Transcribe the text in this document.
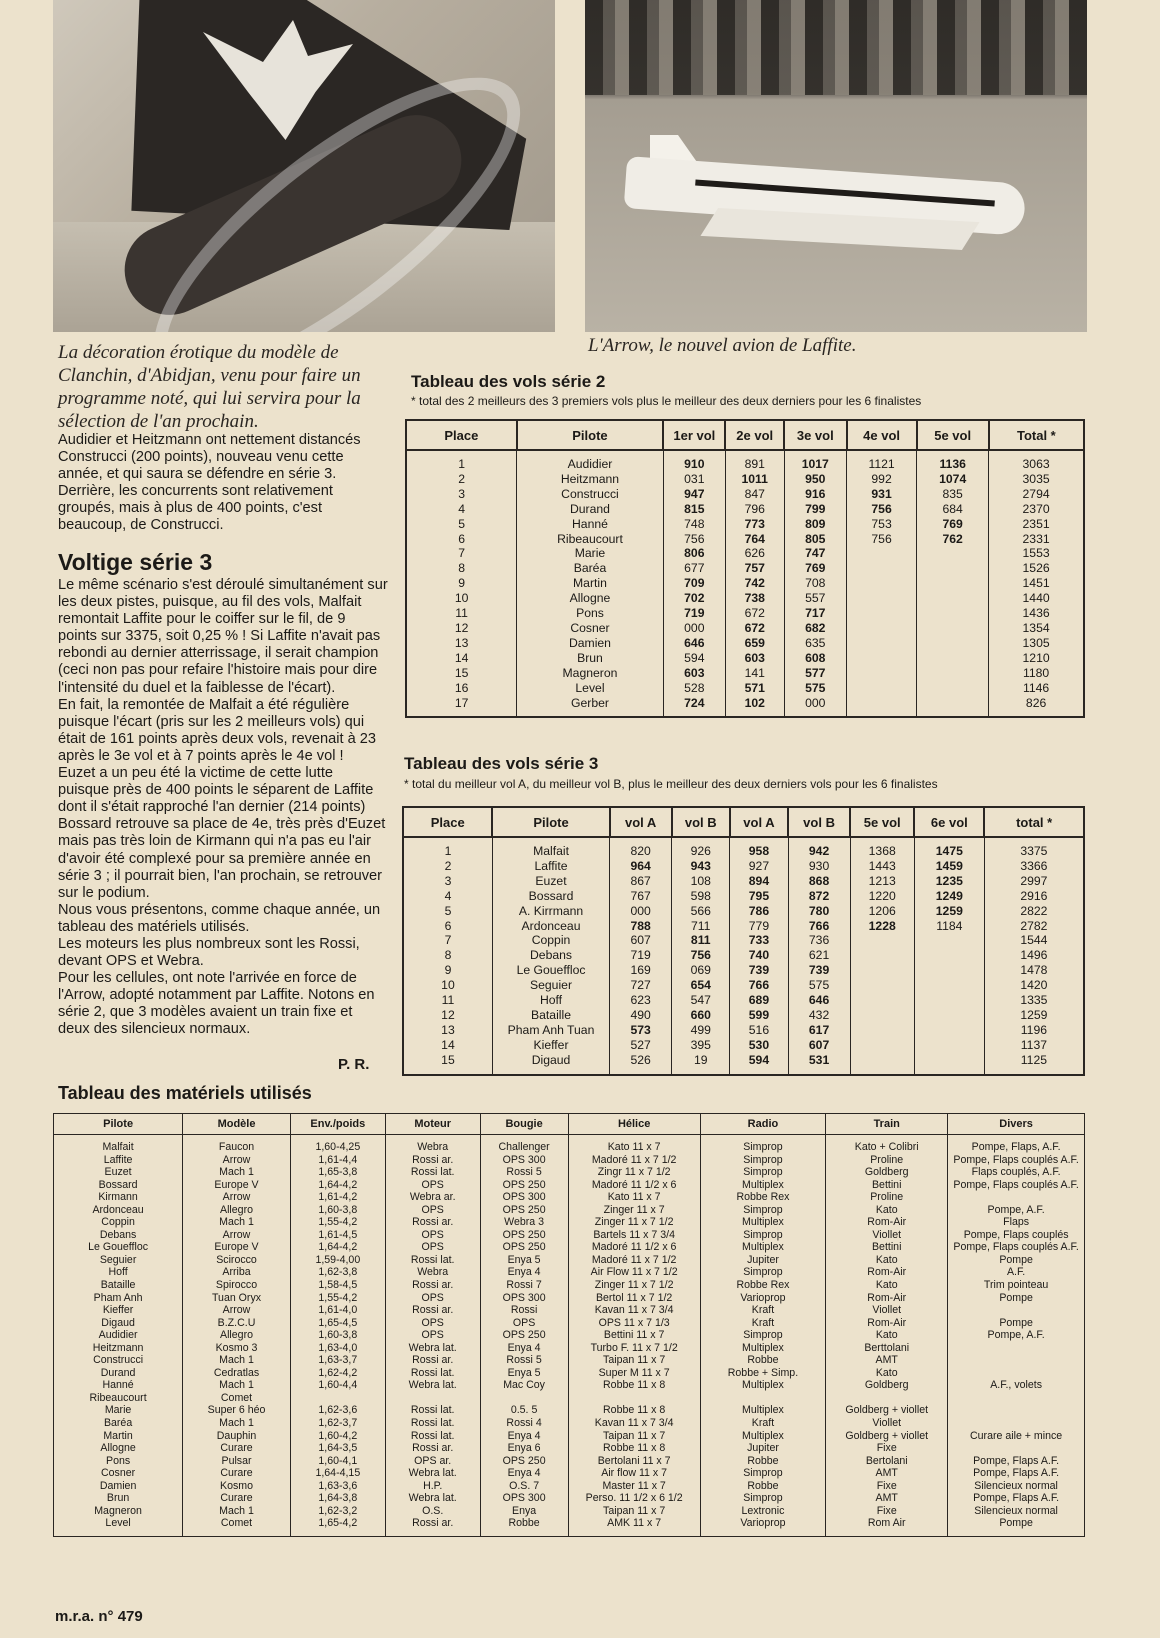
La décoration érotique du modèle de Clanchin, d'Abidjan, venu pour faire un programme noté, qui lui servira pour la sélection de l'an prochain.
L'Arrow, le nouvel avion de Laffite.

Audidier et Heitzmann ont nettement distancés Construcci (200 points), nouveau venu cette année, et qui saura se défendre en série 3. Derrière, les concurrents sont relativement groupés, mais à plus de 400 points, c'est beaucoup, de Construcci.

Voltige série 3

Le même scénario s'est déroulé simultanément sur les deux pistes, puisque, au fil des vols, Malfait remontait Laffite pour le coiffer sur le fil, de 9 points sur 3375, soit 0,25 % ! Si Laffite n'avait pas rebondi au dernier atterrissage, il serait champion (ceci non pas pour refaire l'histoire mais pour dire l'intensité du duel et la faiblesse de l'écart).

En fait, la remontée de Malfait a été régulière puisque l'écart (pris sur les 2 meilleurs vols) qui était de 161 points après deux vols, revenait à 23 après le 3e vol et à 7 points après le 4e vol !

Euzet a un peu été la victime de cette lutte puisque près de 400 points le séparent de Laffite dont il s'était rapproché l'an dernier (214 points) Bossard retrouve sa place de 4e, très près d'Euzet mais pas très loin de Kirmann qui n'a pas eu l'air d'avoir été complexé pour sa première année en série 3 ; il pourrait bien, l'an prochain, se retrouver sur le podium.

Nous vous présentons, comme chaque année, un tableau des matériels utilisés.

Les moteurs les plus nombreux sont les Rossi, devant OPS et Webra.

Pour les cellules, ont note l'arrivée en force de l'Arrow, adopté notamment par Laffite. Notons en série 2, que 3 modèles avaient un train fixe et deux des silencieux normaux.

P. R.
Tableau des vols série 2
* total des 2 meilleurs des 3 premiers vols plus le meilleur des deux derniers pour les 6 finalistes
Place	Pilote	1er vol	2e vol	3e vol	4e vol	5e vol	Total *
1	Audidier	910	891	1017	1121	1136	3063
2	Heitzmann	031	1011	950	992	1074	3035
3	Construcci	947	847	916	931	835	2794
4	Durand	815	796	799	756	684	2370
5	Hanné	748	773	809	753	769	2351
6	Ribeaucourt	756	764	805	756	762	2331
7	Marie	806	626	747			1553
8	Baréa	677	757	769			1526
9	Martin	709	742	708			1451
10	Allogne	702	738	557			1440
11	Pons	719	672	717			1436
12	Cosner	000	672	682			1354
13	Damien	646	659	635			1305
14	Brun	594	603	608			1210
15	Magneron	603	141	577			1180
16	Level	528	571	575			1146
17	Gerber	724	102	000			826
Tableau des vols série 3
* total du meilleur vol A, du meilleur vol B, plus le meilleur des deux derniers vols pour les 6 finalistes
Place	Pilote	vol A	vol B	vol A	vol B	5e vol	6e vol	total *
1	Malfait	820	926	958	942	1368	1475	3375
2	Laffite	964	943	927	930	1443	1459	3366
3	Euzet	867	108	894	868	1213	1235	2997
4	Bossard	767	598	795	872	1220	1249	2916
5	A. Kirrmann	000	566	786	780	1206	1259	2822
6	Ardonceau	788	711	779	766	1228	1184	2782
7	Coppin	607	811	733	736			1544
8	Debans	719	756	740	621			1496
9	Le Goueffloc	169	069	739	739			1478
10	Seguier	727	654	766	575			1420
11	Hoff	623	547	689	646			1335
12	Bataille	490	660	599	432			1259
13	Pham Anh Tuan	573	499	516	617			1196
14	Kieffer	527	395	530	607			1137
15	Digaud	526	19	594	531			1125
Tableau des matériels utilisés
Pilote	Modèle	Env./poids	Moteur	Bougie	Hélice	Radio	Train	Divers
Malfait	Faucon	1,60-4,25	Webra	Challenger	Kato 11 x 7	Simprop	Kato + Colibri	Pompe, Flaps, A.F.
Laffite	Arrow	1,61-4,4	Rossi ar.	OPS 300	Madoré 11 x 7 1/2	Simprop	Proline	Pompe, Flaps couplés A.F.
Euzet	Mach 1	1,65-3,8	Rossi lat.	Rossi 5	Zingr 11 x 7 1/2	Simprop	Goldberg	Flaps couplés, A.F.
Bossard	Europe V	1,64-4,2	OPS	OPS 250	Madoré 11 1/2 x 6	Multiplex	Bettini	Pompe, Flaps couplés A.F.
Kirmann	Arrow	1,61-4,2	Webra ar.	OPS 300	Kato 11 x 7	Robbe Rex	Proline	
Ardonceau	Allegro	1,60-3,8	OPS	OPS 250	Zinger 11 x 7	Simprop	Kato	Pompe, A.F.
Coppin	Mach 1	1,55-4,2	Rossi ar.	Webra 3	Zinger 11 x 7 1/2	Multiplex	Rom-Air	Flaps
Debans	Arrow	1,61-4,5	OPS	OPS 250	Bartels 11 x 7 3/4	Simprop	Viollet	Pompe, Flaps couplés
Le Goueffloc	Europe V	1,64-4,2	OPS	OPS 250	Madoré 11 1/2 x 6	Multiplex	Bettini	Pompe, Flaps couplés A.F.
Seguier	Scirocco	1,59-4,00	Rossi lat.	Enya 5	Madoré 11 x 7 1/2	Jupiter	Kato	Pompe
Hoff	Arriba	1,62-3,8	Webra	Enya 4	Air Flow 11 x 7 1/2	Simprop	Rom-Air	A.F.
Bataille	Spirocco	1,58-4,5	Rossi ar.	Rossi 7	Zinger 11 x 7 1/2	Robbe Rex	Kato	Trim pointeau
Pham Anh	Tuan Oryx	1,55-4,2	OPS	OPS 300	Bertol 11 x 7 1/2	Varioprop	Rom-Air	Pompe
Kieffer	Arrow	1,61-4,0	Rossi ar.	Rossi	Kavan 11 x 7 3/4	Kraft	Viollet	
Digaud	B.Z.C.U	1,65-4,5	OPS	OPS	OPS 11 x 7 1/3	Kraft	Rom-Air	Pompe
Audidier	Allegro	1,60-3,8	OPS	OPS 250	Bettini 11 x 7	Simprop	Kato	Pompe, A.F.
Heitzmann	Kosmo 3	1,63-4,0	Webra lat.	Enya 4	Turbo F. 11 x 7 1/2	Multiplex	Berttolani	
Construcci	Mach 1	1,63-3,7	Rossi ar.	Rossi 5	Taipan 11 x 7	Robbe	AMT	
Durand	Cedratlas	1,62-4,2	Rossi lat.	Enya 5	Super M 11 x 7	Robbe + Simp.	Kato	
Hanné	Mach 1	1,60-4,4	Webra lat.	Mac Coy	Robbe 11 x 8	Multiplex	Goldberg	A.F., volets
Ribeaucourt	Comet							
Marie	Super 6 héo	1,62-3,6	Rossi lat.	0.5. 5	Robbe 11 x 8	Multiplex	Goldberg + viollet	
Baréa	Mach 1	1,62-3,7	Rossi lat.	Rossi 4	Kavan 11 x 7 3/4	Kraft	Viollet	
Martin	Dauphin	1,60-4,2	Rossi lat.	Enya 4	Taipan 11 x 7	Multiplex	Goldberg + viollet	Curare aile + mince
Allogne	Curare	1,64-3,5	Rossi ar.	Enya 6	Robbe 11 x 8	Jupiter	Fixe	
Pons	Pulsar	1,60-4,1	OPS ar.	OPS 250	Bertolani 11 x 7	Robbe	Bertolani	Pompe, Flaps A.F.
Cosner	Curare	1,64-4,15	Webra lat.	Enya 4	Air flow 11 x 7	Simprop	AMT	Pompe, Flaps A.F.
Damien	Kosmo	1,63-3,6	H.P.	O.S. 7	Master 11 x 7	Robbe	Fixe	Silencieux normal
Brun	Curare	1,64-3,8	Webra lat.	OPS 300	Perso. 11 1/2 x 6 1/2	Simprop	AMT	Pompe, Flaps A.F.
Magneron	Mach 1	1,62-3,2	O.S.	Enya	Taipan 11 x 7	Lextronic	Fixe	Silencieux normal
Level	Comet	1,65-4,2	Rossi ar.	Robbe	AMK 11 x 7	Varioprop	Rom Air	Pompe
m.r.a. n° 479
